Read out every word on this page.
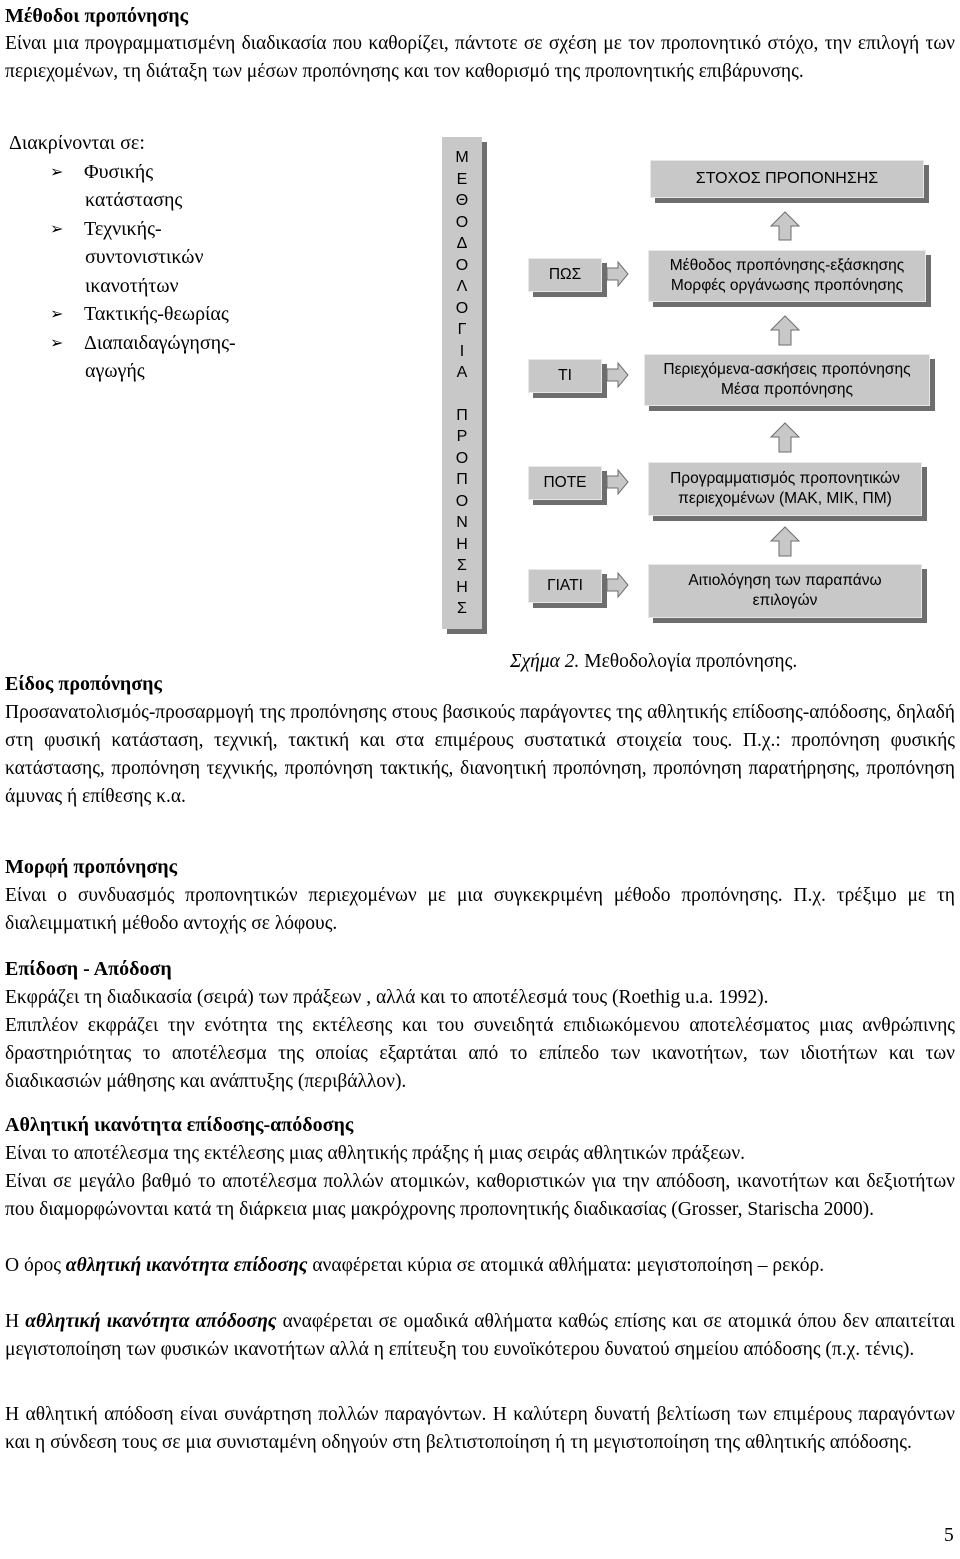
Μέθοδοι προπόνησης
Είναι μια προγραμματισμένη διαδικασία που καθορίζει, πάντοτε σε σχέση με τον προπονητικό στόχο, την επιλογή των περιεχομένων, τη διάταξη των μέσων προπόνησης και τον καθορισμό της προπονητικής επιβάρυνσης.
Διακρίνονται σε:
➢ Φυσικής
κατάστασης
➢ Τεχνικής-
συντονιστικών
ικανοτήτων
➢ Τακτικής-θεωρίας
➢ Διαπαιδαγώγησης-
αγωγής
Μ
Ε
Θ
Ο
Δ
Ο
Λ
Ο
Γ
Ι
Α
Π
Ρ
Ο
Π
Ο
Ν
Η
Σ
Η
Σ
ΠΩΣ
ΤΙ
ΠΟΤΕ
ΓΙΑΤΙ
ΣΤΟΧΟΣ ΠΡΟΠΟΝΗΣΗΣ
Μέθοδος προπόνησης-εξάσκησης
Μορφές οργάνωσης προπόνησης
Περιεχόμενα-ασκήσεις προπόνησης
Μέσα προπόνησης
Προγραμματισμός προπονητικών
περιεχομένων (ΜΑΚ, ΜΙΚ, ΠΜ)
Αιτιολόγηση των παραπάνω
επιλογών
Σχήμα 2. Μεθοδολογία προπόνησης.
Είδος προπόνησης
Προσανατολισμός-προσαρμογή της προπόνησης στους βασικούς παράγοντες της αθλητικής επίδοσης-απόδοσης, δηλαδή στη φυσική κατάσταση, τεχνική, τακτική και στα επιμέρους συστατικά στοιχεία τους. Π.χ.: προπόνηση φυσικής κατάστασης, προπόνηση τεχνικής, προπόνηση τακτικής, διανοητική προπόνηση, προπόνηση παρατήρησης, προπόνηση άμυνας ή επίθεσης κ.α.
Μορφή προπόνησης
Είναι ο συνδυασμός προπονητικών περιεχομένων με μια συγκεκριμένη μέθοδο προπόνησης. Π.χ. τρέξιμο με τη διαλειμματική μέθοδο αντοχής σε λόφους.
Επίδοση - Απόδοση
Εκφράζει τη διαδικασία (σειρά) των πράξεων , αλλά και το αποτέλεσμά τους (Roethig u.a. 1992).
Επιπλέον εκφράζει την ενότητα της εκτέλεσης και του συνειδητά επιδιωκόμενου αποτελέσματος μιας ανθρώπινης δραστηριότητας το αποτέλεσμα της οποίας εξαρτάται από το επίπεδο των ικανοτήτων, των ιδιοτήτων και των διαδικασιών μάθησης και ανάπτυξης (περιβάλλον).
Αθλητική ικανότητα επίδοσης-απόδοσης
Είναι το αποτέλεσμα της εκτέλεσης μιας αθλητικής πράξης ή μιας σειράς αθλητικών πράξεων.
Είναι σε μεγάλο βαθμό το αποτέλεσμα πολλών ατομικών, καθοριστικών για την απόδοση, ικανοτήτων και δεξιοτήτων που διαμορφώνονται κατά τη διάρκεια μιας μακρόχρονης προπονητικής διαδικασίας (Grosser, Starischa 2000).
Ο όρος αθλητική ικανότητα επίδοσης αναφέρεται κύρια σε ατομικά αθλήματα: μεγιστοποίηση – ρεκόρ.
Η αθλητική ικανότητα απόδοσης αναφέρεται σε ομαδικά αθλήματα καθώς επίσης και σε ατομικά όπου δεν απαιτείται μεγιστοποίηση των φυσικών ικανοτήτων αλλά η επίτευξη του ευνοϊκότερου δυνατού σημείου απόδοσης (π.χ. τένις).
Η αθλητική απόδοση είναι συνάρτηση πολλών παραγόντων. Η καλύτερη δυνατή βελτίωση των επιμέρους παραγόντων και η σύνδεση τους σε μια συνισταμένη οδηγούν στη βελτιστοποίηση ή τη μεγιστοποίηση της αθλητικής απόδοσης.
5
